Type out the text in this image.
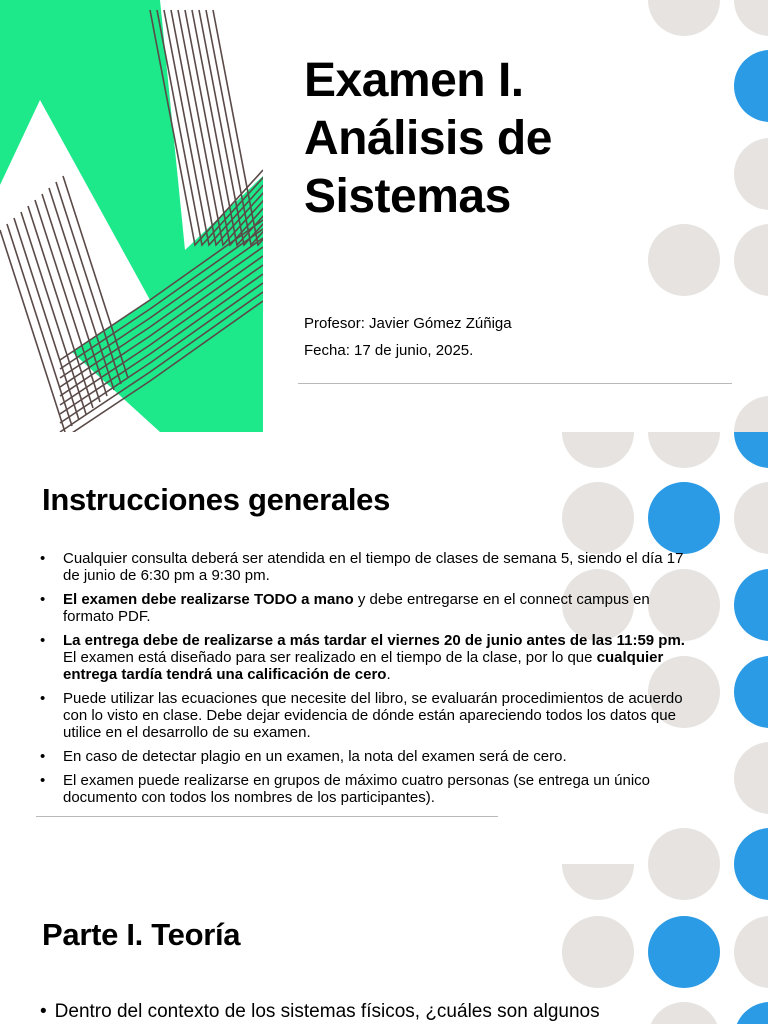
Examen I.
Análisis de
Sistemas

Profesor: Javier Gómez Zúñiga

Fecha: 17 de junio, 2025.

Instrucciones generales
• Cualquier consulta deberá ser atendida en el tiempo de clases de semana 5, siendo el día 17 de junio de 6:30 pm a 9:30 pm.
• El examen debe realizarse TODO a mano y debe entregarse en el connect campus en formato PDF.
• La entrega debe de realizarse a más tardar el viernes 20 de junio antes de las 11:59 pm. El examen está diseñado para ser realizado en el tiempo de la clase, por lo que cualquier entrega tardía tendrá una calificación de cero.
• Puede utilizar las ecuaciones que necesite del libro, se evaluarán procedimientos de acuerdo con lo visto en clase. Debe dejar evidencia de dónde están apareciendo todos los datos que utilice en el desarrollo de su examen.
• En caso de detectar plagio en un examen, la nota del examen será de cero.
• El examen puede realizarse en grupos de máximo cuatro personas (se entrega un único documento con todos los nombres de los participantes).
Parte I. Teoría
• Dentro del contexto de los sistemas físicos, ¿cuáles son algunos
